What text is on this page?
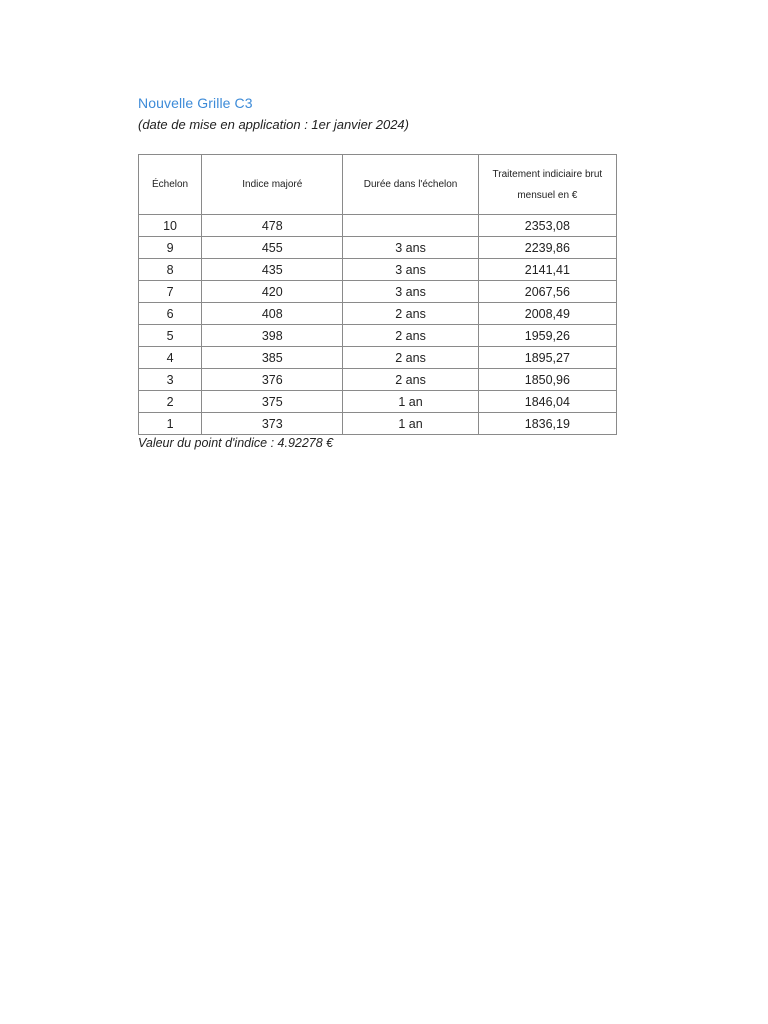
Nouvelle Grille C3
(date de mise en application : 1er janvier 2024)
Échelon	Indice majoré	Durée dans l'échelon	Traitement indiciaire brut mensuel en €

10	478		2353,08
9	455	3 ans	2239,86
8	435	3 ans	2141,41
7	420	3 ans	2067,56
6	408	2 ans	2008,49
5	398	2 ans	1959,26
4	385	2 ans	1895,27
3	376	2 ans	1850,96
2	375	1 an	1846,04
1	373	1 an	1836,19
Valeur du point d'indice : 4.92278 €
